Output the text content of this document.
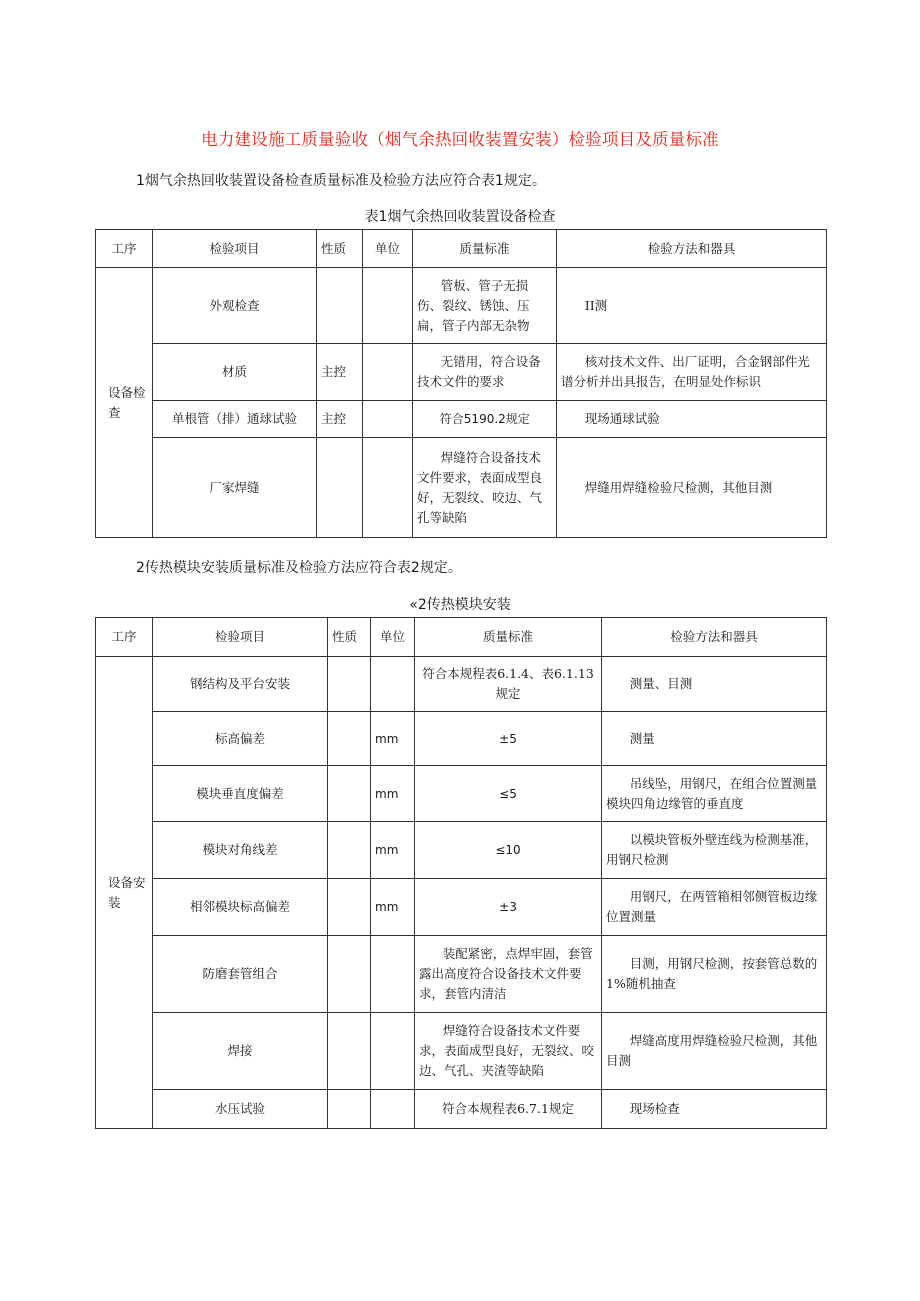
电力建设施工质量验收（烟气余热回收装置安装）检验项目及质量标准
1烟气余热回收装置设备检查质量标准及检验方法应符合表1规定。
表1烟气余热回收装置设备检查
工序	检验项目	性质	单位	质量标准	检验方法和器具
设备检查	外观检查			管板、管子无损伤、裂纹、锈蚀、压扁，管子内部无杂物	II测
	材质	主控		无错用，符合设备技术文件的要求	核对技术文件、出厂证明，合金钢部件光谱分析并出具报告，在明显处作标识
	单根管（排）通球试验	主控		符合5190.2规定	现场通球试验
	厂家焊缝			焊缝符合设备技术文件要求，表面成型良好，无裂纹、咬边、气孔等缺陷	焊缝用焊缝检验尺检测，其他目测
2传热模块安装质量标准及检验方法应符合表2规定。
«2传热模块安装
工序	检验项目	性质	单位	质量标准	检验方法和器具
设备安装	钢结构及平台安装			符合本规程表6.1.4、表6.1.13规定	测量、目测
	标高偏差		mm	±5	测量
	模块垂直度偏差		mm	≤5	吊线坠，用钢尺，在组合位置测量模块四角边缘管的垂直度
	模块对角线差		mm	≤10	以模块管板外壁连线为检测基准，用钢尺检测
	相邻模块标高偏差		mm	±3	用钢尺，在两管箱相邻侧管板边缘位置测量
	防磨套管组合			装配紧密，点焊牢固，套管露出高度符合设备技术文件要求，套管内清洁	目测，用钢尺检测，按套管总数的1%随机抽查
	焊接			焊缝符合设备技术文件要求，表面成型良好，无裂纹、咬边、气孔、夹渣等缺陷	焊缝高度用焊缝检验尺检测，其他目测
	水压试验			符合本规程表6.7.1规定	现场检查
